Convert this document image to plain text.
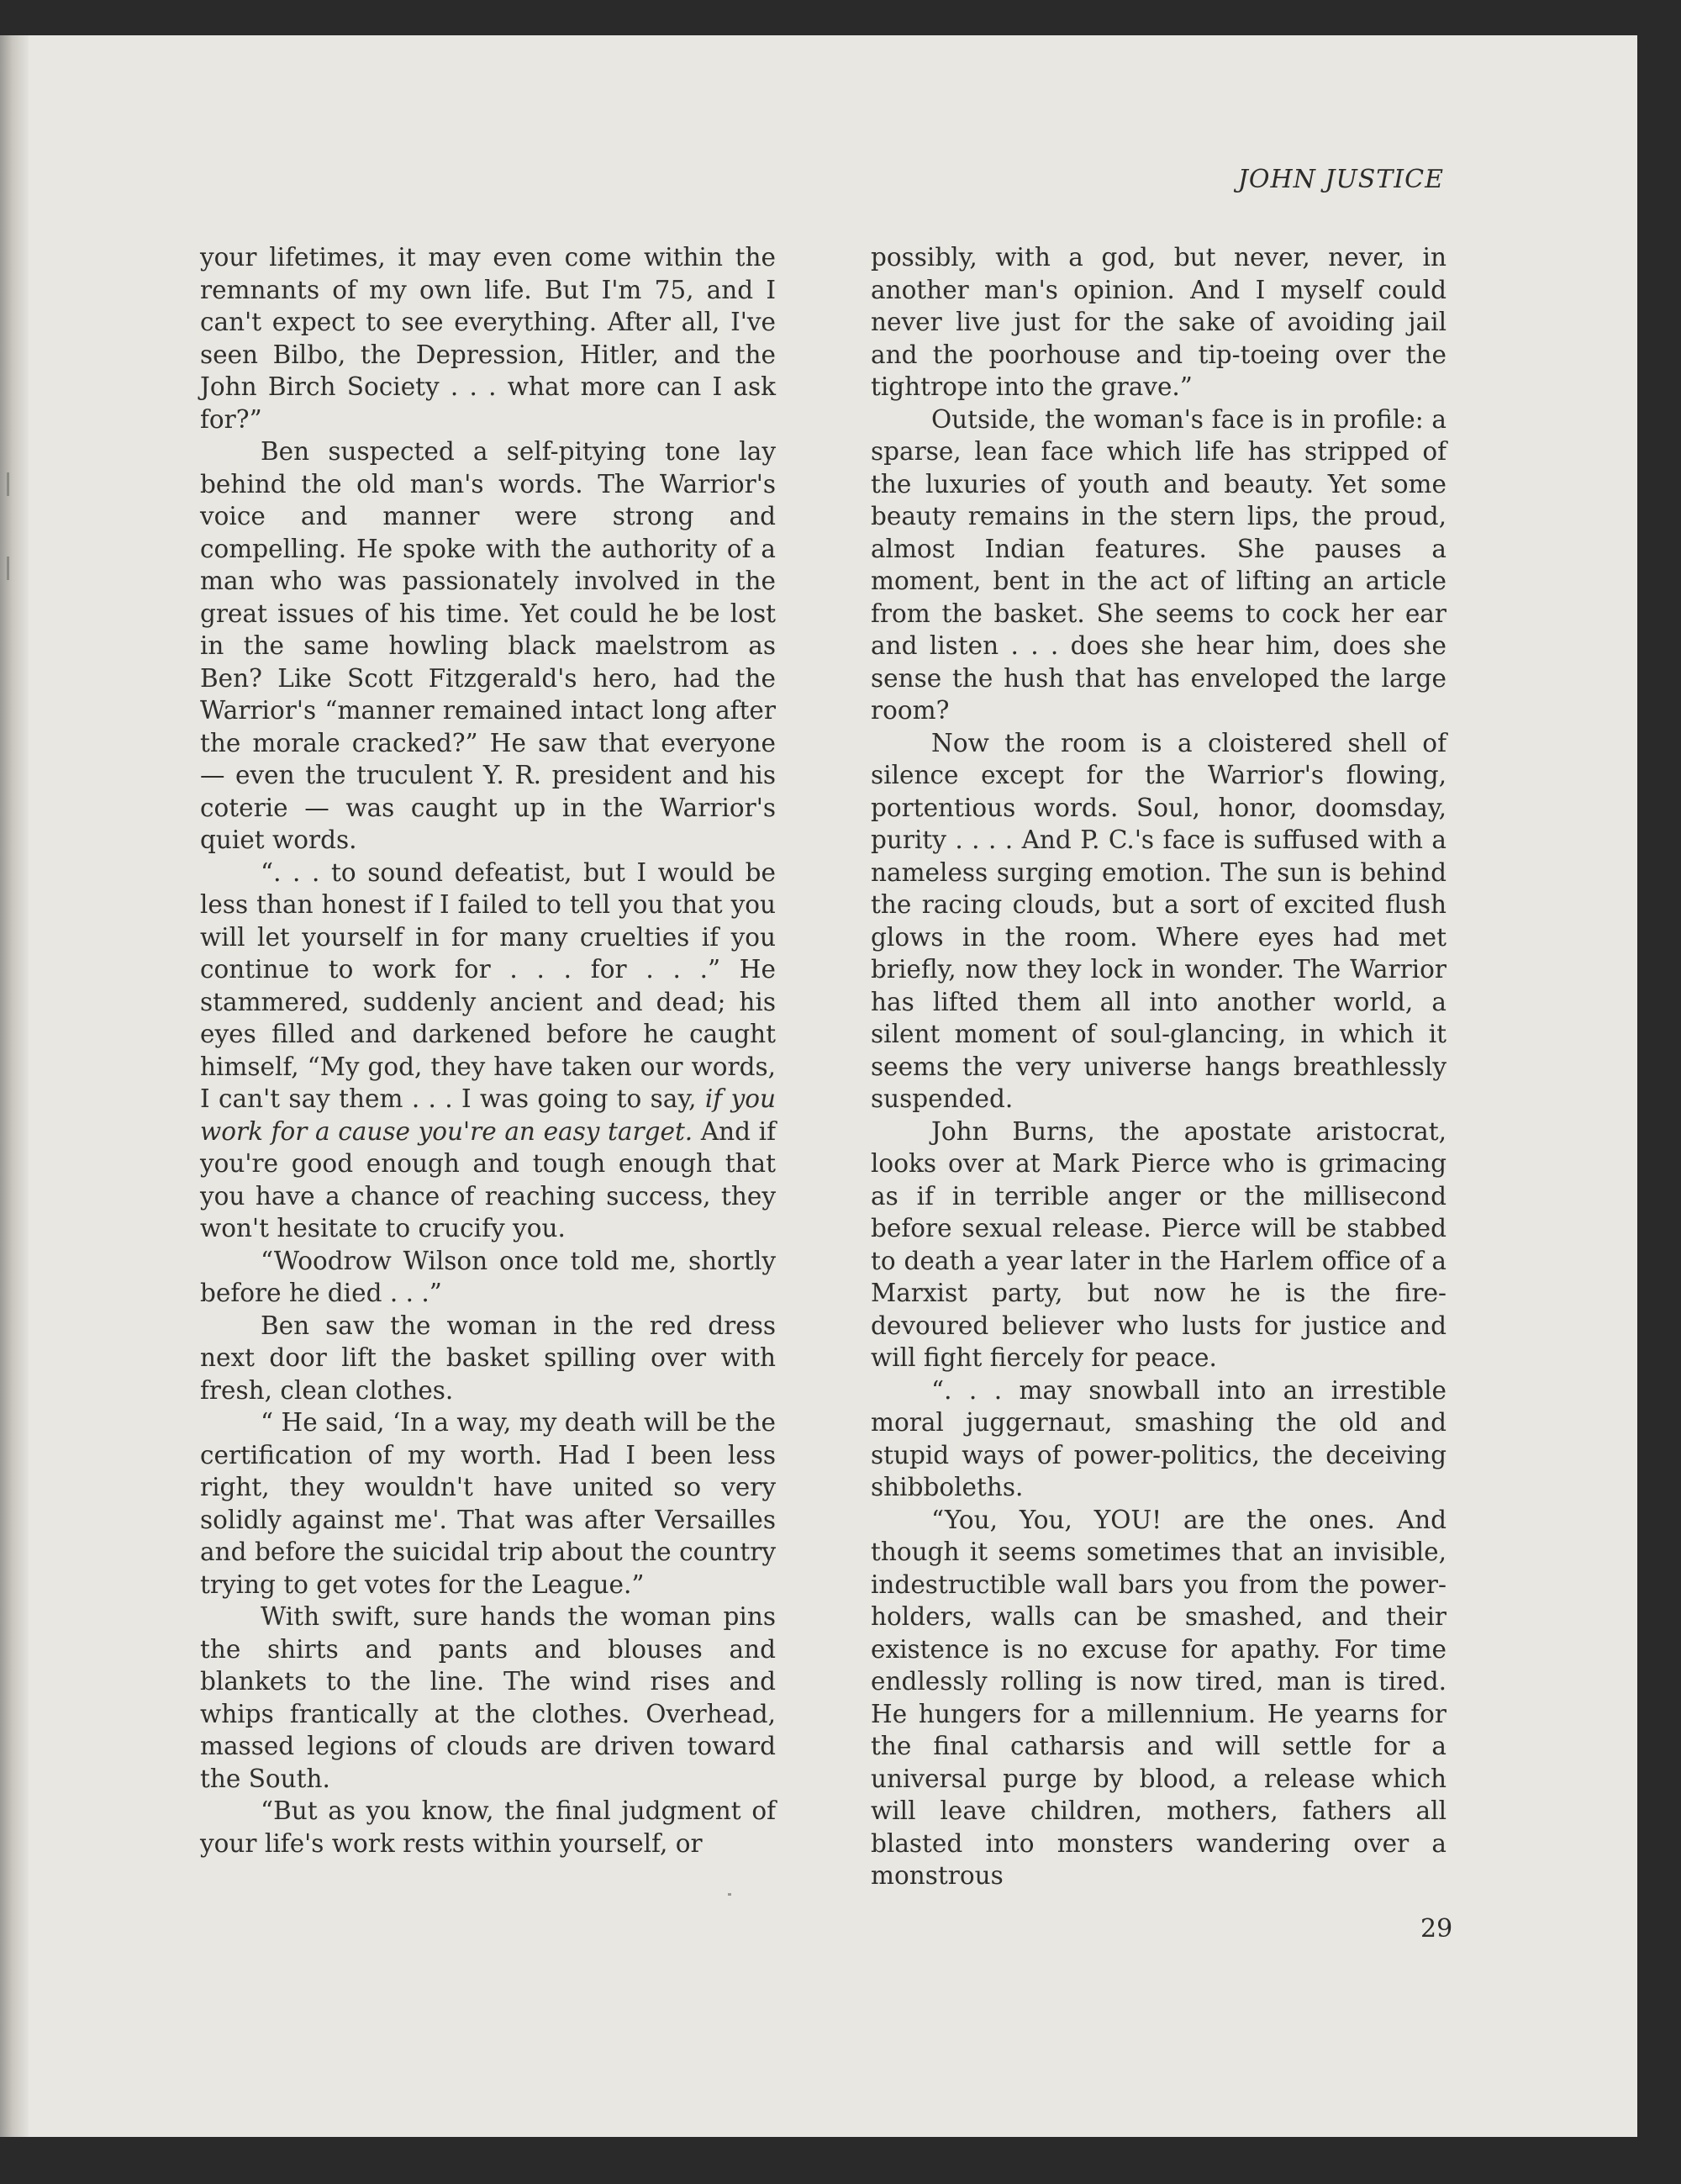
JOHN JUSTICE

your lifetimes, it may even come within the remnants of my own life. But I'm 75, and I can't expect to see everything. After all, I've seen Bilbo, the Depression, Hitler, and the John Birch Society . . . what more can I ask for?”

Ben suspected a self-pitying tone lay behind the old man's words. The Warrior's voice and manner were strong and compelling. He spoke with the authority of a man who was passionately involved in the great issues of his time. Yet could he be lost in the same howling black maelstrom as Ben? Like Scott Fitzgerald's hero, had the Warrior's “manner remained intact long after the morale cracked?” He saw that everyone — even the truculent Y. R. president and his coterie — was caught up in the Warrior's quiet words.

“. . . to sound defeatist, but I would be less than honest if I failed to tell you that you will let yourself in for many cruelties if you continue to work for . . . for . . .” He stammered, suddenly ancient and dead; his eyes filled and darkened before he caught himself, “My god, they have taken our words, I can't say them . . . I was going to say, if you work for a cause you're an easy target. And if you're good enough and tough enough that you have a chance of reaching success, they won't hesitate to crucify you.

“Woodrow Wilson once told me, shortly before he died . . .”

Ben saw the woman in the red dress next door lift the basket spilling over with fresh, clean clothes.

“ He said, ‘In a way, my death will be the certification of my worth. Had I been less right, they wouldn't have united so very solidly against me'. That was after Versailles and before the suicidal trip about the country trying to get votes for the League.”

With swift, sure hands the woman pins the shirts and pants and blouses and blankets to the line. The wind rises and whips frantically at the clothes. Overhead, massed legions of clouds are driven toward the South.

“But as you know, the final judgment of your life's work rests within yourself, or

possibly, with a god, but never, never, in another man's opinion. And I myself could never live just for the sake of avoiding jail and the poorhouse and tip-toeing over the tightrope into the grave.”

Outside, the woman's face is in profile: a sparse, lean face which life has stripped of the luxuries of youth and beauty. Yet some beauty remains in the stern lips, the proud, almost Indian features. She pauses a moment, bent in the act of lifting an article from the basket. She seems to cock her ear and listen . . . does she hear him, does she sense the hush that has enveloped the large room?

Now the room is a cloistered shell of silence except for the Warrior's flowing, portentious words. Soul, honor, doomsday, purity . . . . And P. C.'s face is suffused with a nameless surging emotion. The sun is behind the racing clouds, but a sort of excited flush glows in the room. Where eyes had met briefly, now they lock in wonder. The Warrior has lifted them all into another world, a silent moment of soul-glancing, in which it seems the very universe hangs breathlessly suspended.

John Burns, the apostate aristocrat, looks over at Mark Pierce who is grimacing as if in terrible anger or the millisecond before sexual release. Pierce will be stabbed to death a year later in the Harlem office of a Marxist party, but now he is the fire-devoured believer who lusts for justice and will fight fiercely for peace.

“. . . may snowball into an irrestible moral juggernaut, smashing the old and stupid ways of power-politics, the deceiving shibboleths.

“You, You, YOU! are the ones. And though it seems sometimes that an invisible, indestructible wall bars you from the power-holders, walls can be smashed, and their existence is no excuse for apathy. For time endlessly rolling is now tired, man is tired. He hungers for a millennium. He yearns for the final catharsis and will settle for a universal purge by blood, a release which will leave children, mothers, fathers all blasted into monsters wandering over a monstrous

29
